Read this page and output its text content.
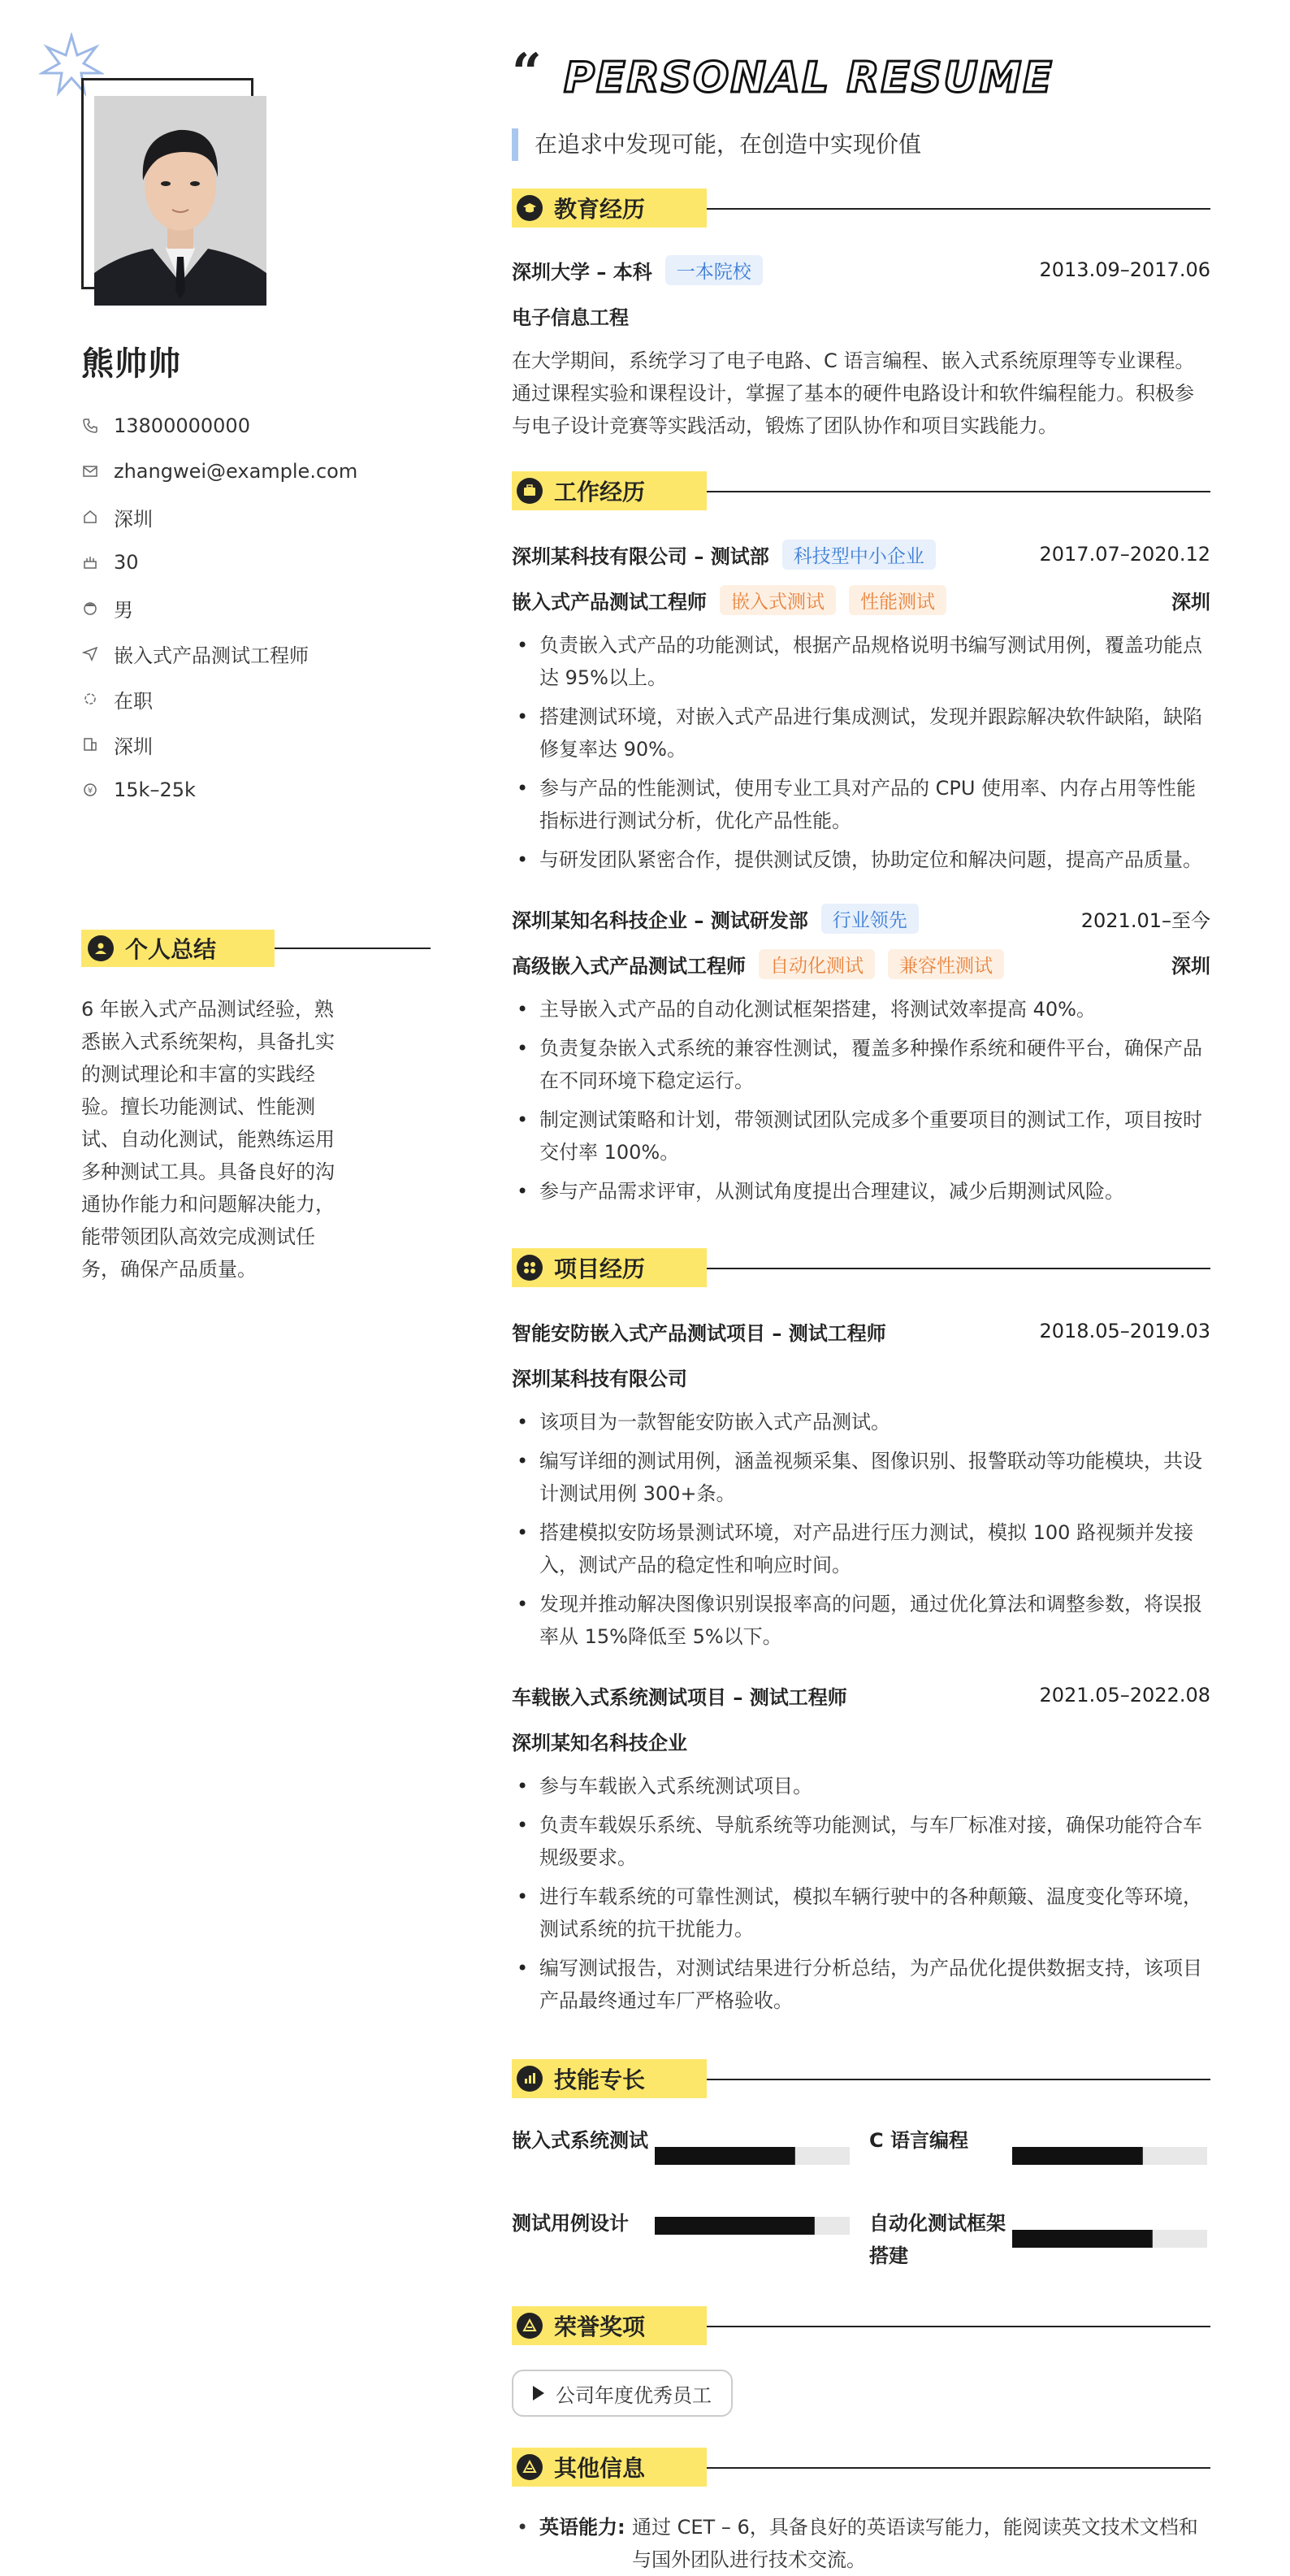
熊帅帅
13800000000
zhangwei@example.com
深圳
30
男
嵌入式产品测试工程师
在职
深圳
¥ 15k–25k
个人总结
6 年嵌入式产品测试经验，熟悉嵌入式系统架构，具备扎实的测试理论和丰富的实践经验。擅长功能测试、性能测试、自动化测试，能熟练运用多种测试工具。具备良好的沟通协作能力和问题解决能力，能带领团队高效完成测试任务，确保产品质量。
“ PERSONAL RESUME
在追求中发现可能，在创造中实现价值
教育经历
深圳大学 – 本科	一本院校	2013.09–2017.06
电子信息工程
在大学期间，系统学习了电子电路、C 语言编程、嵌入式系统原理等专业课程。通过课程实验和课程设计，掌握了基本的硬件电路设计和软件编程能力。积极参与电子设计竞赛等实践活动，锻炼了团队协作和项目实践能力。
工作经历
深圳某科技有限公司 – 测试部	科技型中小企业	2017.07–2020.12
嵌入式产品测试工程师	嵌入式测试	性能测试	深圳
• 负责嵌入式产品的功能测试，根据产品规格说明书编写测试用例，覆盖功能点达 95%以上。
• 搭建测试环境，对嵌入式产品进行集成测试，发现并跟踪解决软件缺陷，缺陷修复率达 90%。
• 参与产品的性能测试，使用专业工具对产品的 CPU 使用率、内存占用等性能指标进行测试分析，优化产品性能。
• 与研发团队紧密合作，提供测试反馈，协助定位和解决问题，提高产品质量。
深圳某知名科技企业 – 测试研发部	行业领先	2021.01–至今
高级嵌入式产品测试工程师	自动化测试	兼容性测试	深圳
• 主导嵌入式产品的自动化测试框架搭建，将测试效率提高 40%。
• 负责复杂嵌入式系统的兼容性测试，覆盖多种操作系统和硬件平台，确保产品在不同环境下稳定运行。
• 制定测试策略和计划，带领测试团队完成多个重要项目的测试工作，项目按时交付率 100%。
• 参与产品需求评审，从测试角度提出合理建议，减少后期测试风险。
项目经历
智能安防嵌入式产品测试项目 – 测试工程师	2018.05–2019.03
深圳某科技有限公司
• 该项目为一款智能安防嵌入式产品测试。
• 编写详细的测试用例，涵盖视频采集、图像识别、报警联动等功能模块，共设计测试用例 300+条。
• 搭建模拟安防场景测试环境，对产品进行压力测试，模拟 100 路视频并发接入，测试产品的稳定性和响应时间。
• 发现并推动解决图像识别误报率高的问题，通过优化算法和调整参数，将误报率从 15%降低至 5%以下。
车载嵌入式系统测试项目 – 测试工程师	2021.05–2022.08
深圳某知名科技企业
• 参与车载嵌入式系统测试项目。
• 负责车载娱乐系统、导航系统等功能测试，与车厂标准对接，确保功能符合车规级要求。
• 进行车载系统的可靠性测试，模拟车辆行驶中的各种颠簸、温度变化等环境，测试系统的抗干扰能力。
• 编写测试报告，对测试结果进行分析总结，为产品优化提供数据支持，该项目产品最终通过车厂严格验收。
技能专长
嵌入式系统测试	C 语言编程
测试用例设计	自动化测试框架搭建
荣誉奖项
公司年度优秀员工
其他信息
• 英语能力: 通过 CET – 6，具备良好的英语读写能力，能阅读英文技术文档和与国外团队进行技术交流。
